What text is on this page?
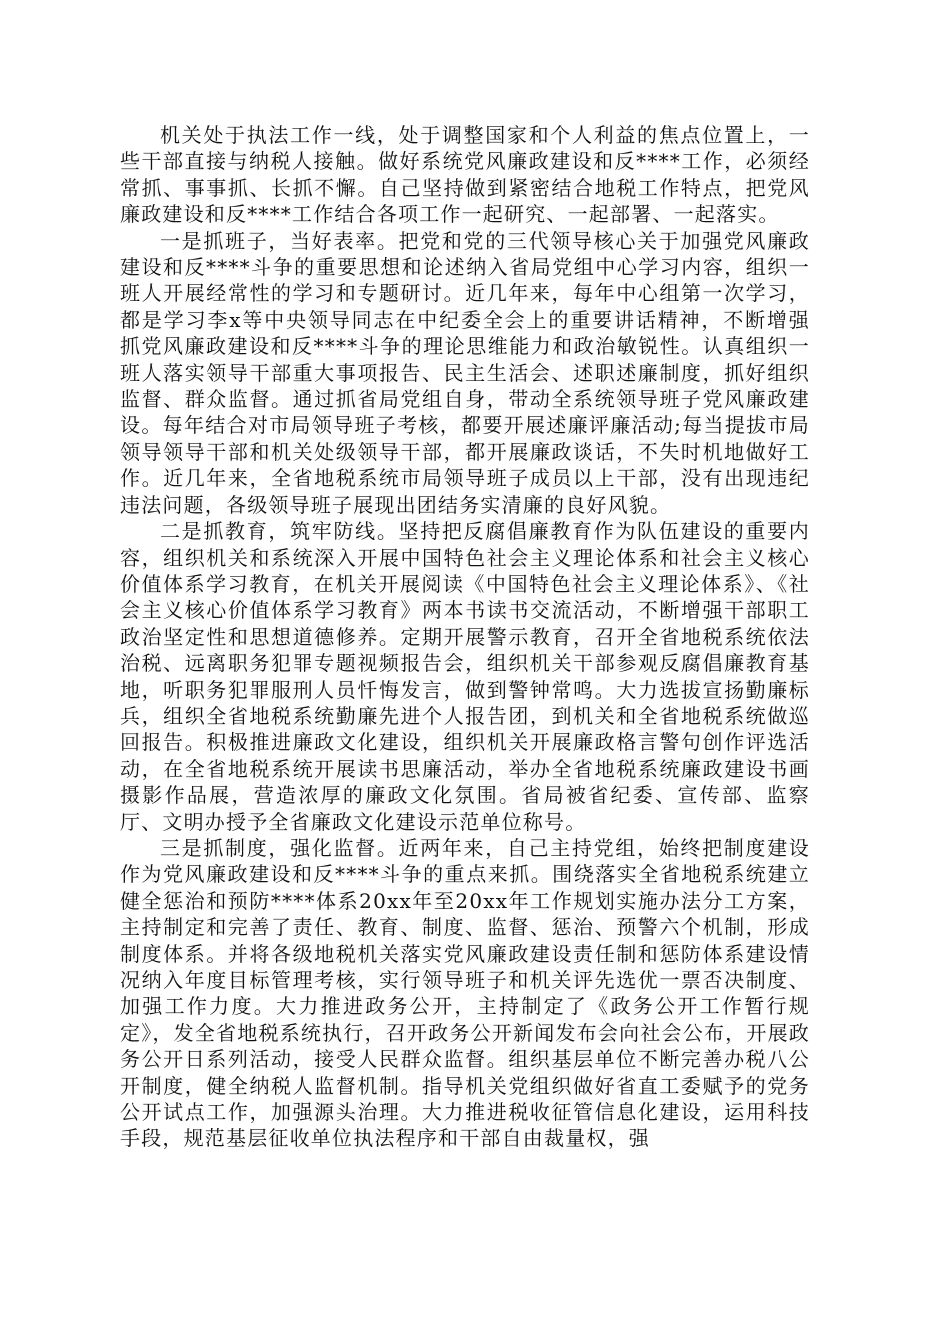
机关处于执法工作一线，处于调整国家和个人利益的焦点位置上，一些干部直接与纳税人接触。做好系统党风廉政建设和反****工作，必须经常抓、事事抓、长抓不懈。自己坚持做到紧密结合地税工作特点，把党风廉政建设和反****工作结合各项工作一起研究、一起部署、一起落实。

一是抓班子，当好表率。把党和党的三代领导核心关于加强党风廉政建设和反****斗争的重要思想和论述纳入省局党组中心学习内容，组织一班人开展经常性的学习和专题研讨。近几年来，每年中心组第一次学习，都是学习李x等中央领导同志在中纪委全会上的重要讲话精神，不断增强抓党风廉政建设和反****斗争的理论思维能力和政治敏锐性。认真组织一班人落实领导干部重大事项报告、民主生活会、述职述廉制度，抓好组织监督、群众监督。通过抓省局党组自身，带动全系统领导班子党风廉政建设。每年结合对市局领导班子考核，都要开展述廉评廉活动;每当提拔市局领导领导干部和机关处级领导干部，都开展廉政谈话，不失时机地做好工作。近几年来，全省地税系统市局领导班子成员以上干部，没有出现违纪违法问题，各级领导班子展现出团结务实清廉的良好风貌。

二是抓教育，筑牢防线。坚持把反腐倡廉教育作为队伍建设的重要内容，组织机关和系统深入开展中国特色社会主义理论体系和社会主义核心价值体系学习教育，在机关开展阅读《中国特色社会主义理论体系》、《社会主义核心价值体系学习教育》两本书读书交流活动，不断增强干部职工政治坚定性和思想道德修养。定期开展警示教育，召开全省地税系统依法治税、远离职务犯罪专题视频报告会，组织机关干部参观反腐倡廉教育基地，听职务犯罪服刑人员忏悔发言，做到警钟常鸣。大力选拔宣扬勤廉标兵，组织全省地税系统勤廉先进个人报告团，到机关和全省地税系统做巡回报告。积极推进廉政文化建设，组织机关开展廉政格言警句创作评选活动，在全省地税系统开展读书思廉活动，举办全省地税系统廉政建设书画摄影作品展，营造浓厚的廉政文化氛围。省局被省纪委、宣传部、监察厅、文明办授予全省廉政文化建设示范单位称号。

三是抓制度，强化监督。近两年来，自己主持党组，始终把制度建设作为党风廉政建设和反****斗争的重点来抓。围绕落实全省地税系统建立健全惩治和预防****体系20xx年至20xx年工作规划实施办法分工方案，主持制定和完善了责任、教育、制度、监督、惩治、预警六个机制，形成制度体系。并将各级地税机关落实党风廉政建设责任制和惩防体系建设情况纳入年度目标管理考核，实行领导班子和机关评先选优一票否决制度、加强工作力度。大力推进政务公开，主持制定了《政务公开工作暂行规定》，发全省地税系统执行，召开政务公开新闻发布会向社会公布，开展政务公开日系列活动，接受人民群众监督。组织基层单位不断完善办税八公开制度，健全纳税人监督机制。指导机关党组织做好省直工委赋予的党务公开试点工作，加强源头治理。大力推进税收征管信息化建设，运用科技手段，规范基层征收单位执法程序和干部自由裁量权，强
